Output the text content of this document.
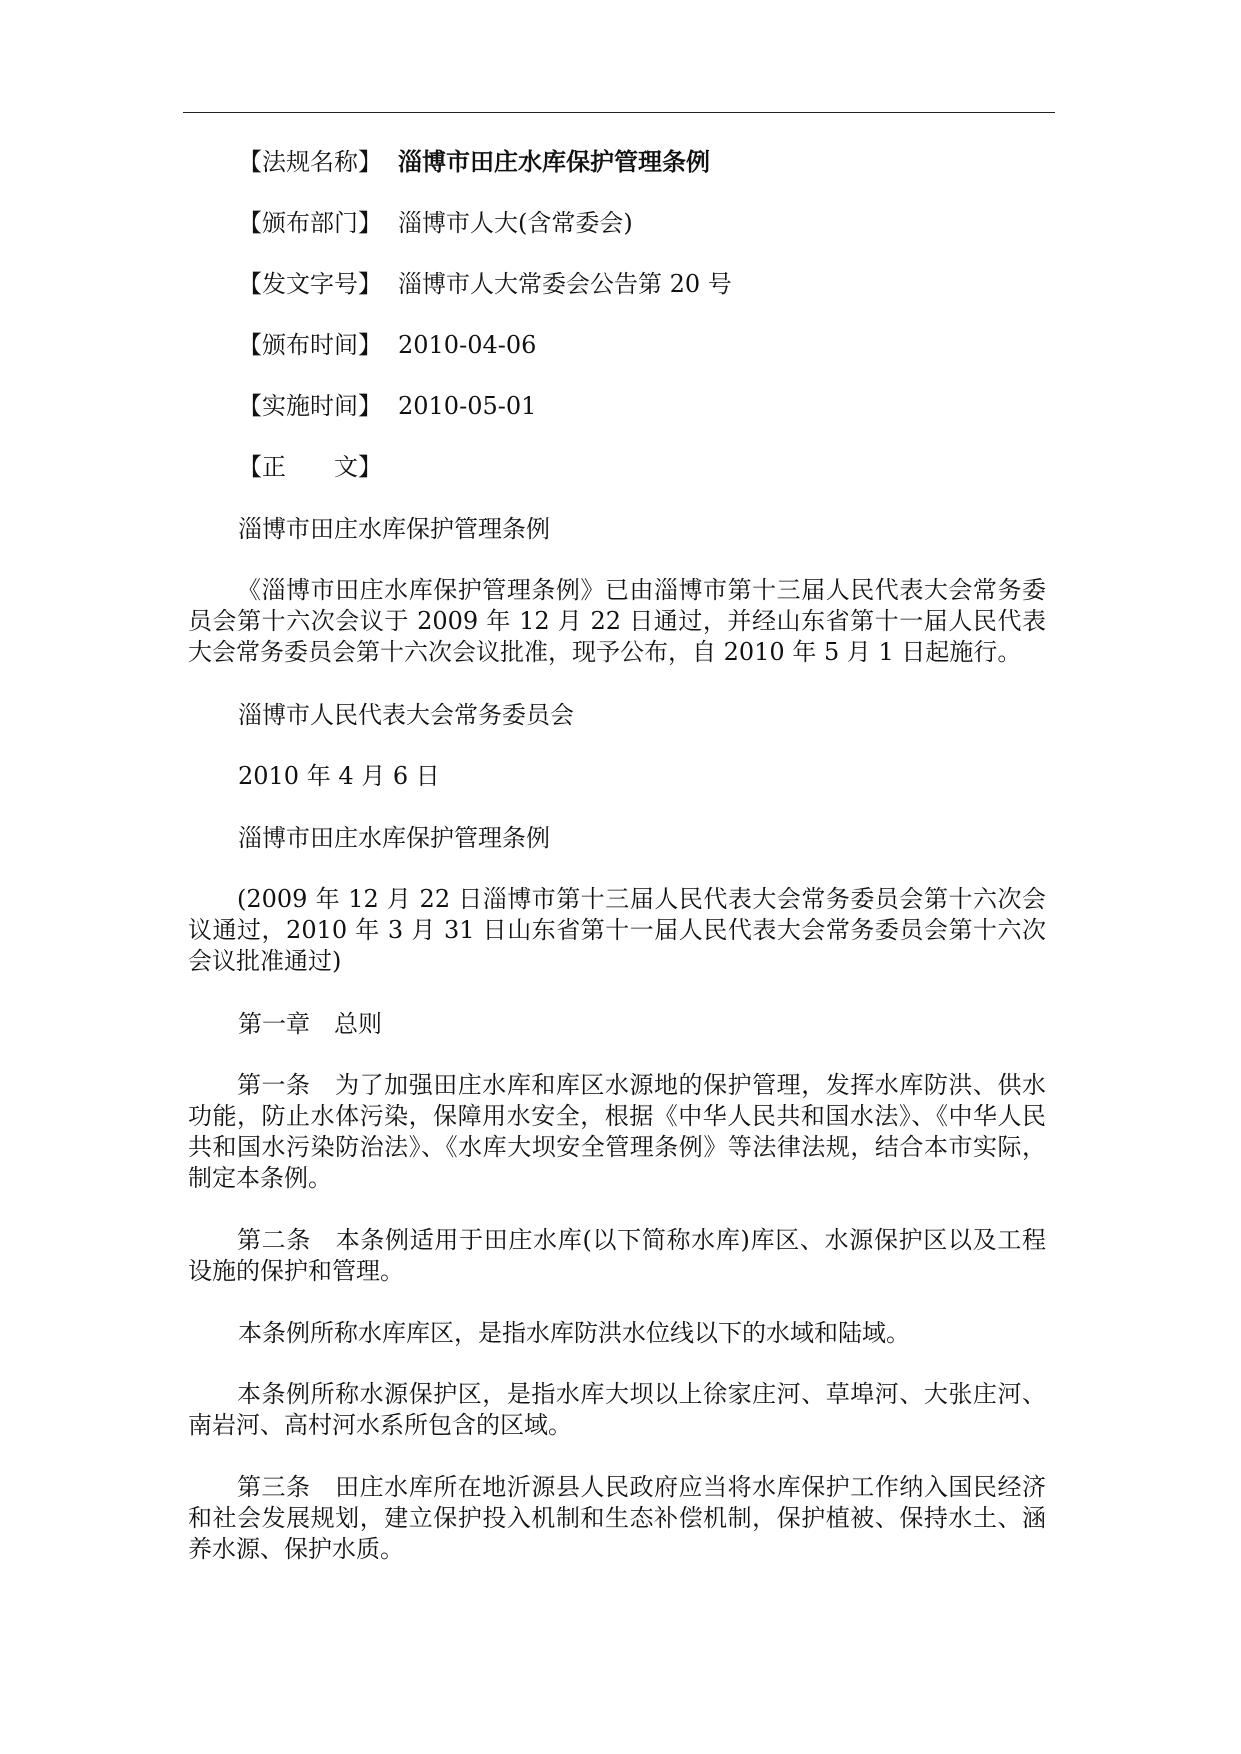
【法规名称】 淄博市田庄水库保护管理条例
【颁布部门】 淄博市人大(含常委会)
【发文字号】 淄博市人大常委会公告第 20 号
【颁布时间】 2010-04-06
【实施时间】 2010-05-01
【正　　文】

淄博市田庄水库保护管理条例

《淄博市田庄水库保护管理条例》已由淄博市第十三届人民代表大会常务委员会第十六次会议于 2009 年 12 月 22 日通过，并经山东省第十一届人民代表大会常务委员会第十六次会议批准，现予公布，自 2010 年 5 月 1 日起施行。

淄博市人民代表大会常务委员会

2010 年 4 月 6 日

淄博市田庄水库保护管理条例

(2009 年 12 月 22 日淄博市第十三届人民代表大会常务委员会第十六次会议通过，2010 年 3 月 31 日山东省第十一届人民代表大会常务委员会第十六次会议批准通过)

第一章　总则

第一条　为了加强田庄水库和库区水源地的保护管理，发挥水库防洪、供水功能，防止水体污染，保障用水安全，根据《中华人民共和国水法》、《中华人民共和国水污染防治法》、《水库大坝安全管理条例》等法律法规，结合本市实际，制定本条例。

第二条　本条例适用于田庄水库(以下简称水库)库区、水源保护区以及工程设施的保护和管理。

本条例所称水库库区，是指水库防洪水位线以下的水域和陆域。

本条例所称水源保护区，是指水库大坝以上徐家庄河、草埠河、大张庄河、南岩河、高村河水系所包含的区域。

第三条　田庄水库所在地沂源县人民政府应当将水库保护工作纳入国民经济和社会发展规划，建立保护投入机制和生态补偿机制，保护植被、保持水土、涵养水源、保护水质。
